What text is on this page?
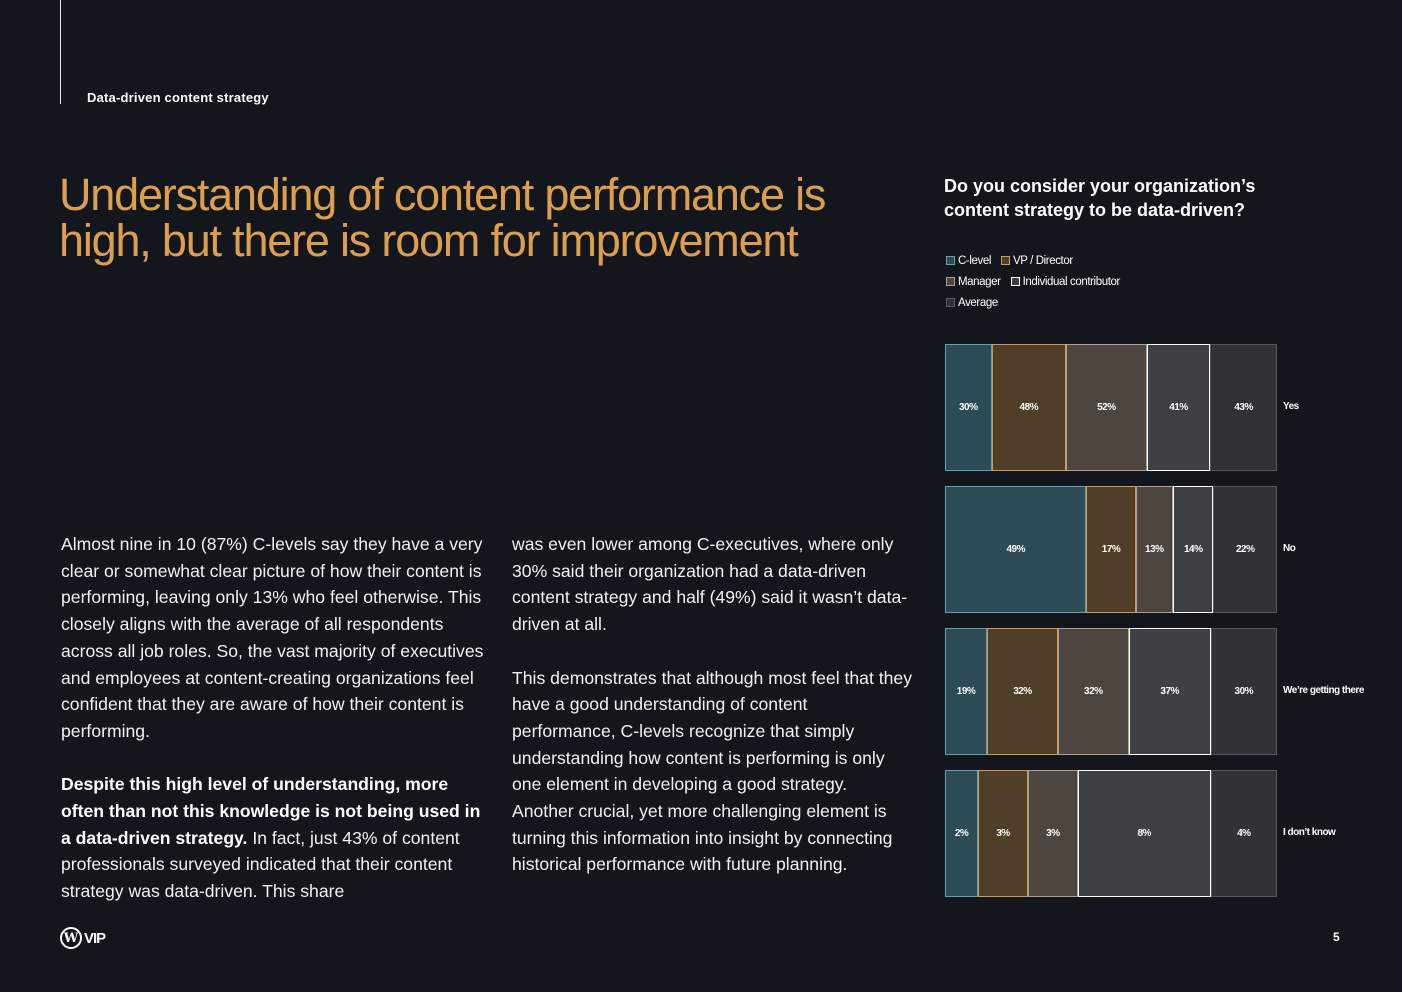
Data-driven content strategy
Understanding of content performance is high, but there is room for improvement

Almost nine in 10 (87%) C-levels say they have a very clear or somewhat clear picture of how their content is performing, leaving only 13% who feel otherwise. This closely aligns with the average of all respondents across all job roles. So, the vast majority of executives and employees at content-creating organizations feel confident that they are aware of how their content is performing.

Despite this high level of understanding, more often than not this knowledge is not being used in a data-driven strategy. In fact, just 43% of content professionals surveyed indicated that their content strategy was data-driven. This share

was even lower among C-executives, where only 30% said their organization had a data-driven content strategy and half (49%) said it wasn’t data-driven at all.

This demonstrates that although most feel that they have a good understanding of content performance, C-levels recognize that simply understanding how content is performing is only one element in developing a good strategy. Another crucial, yet more challenging element is turning this information into insight by connecting historical performance with future planning.

Do you consider your organization’s content strategy to be data-driven?
C-level VP / Director
Manager Individual contributor
Average
30%	48%	52%	41%	43%	Yes
49%	17% 13% 14%	22%	No
19%	32%	32%	37%	30%	We’re getting there
2%	3%	3%	8%	4%	I don’t know
W VIP	5
